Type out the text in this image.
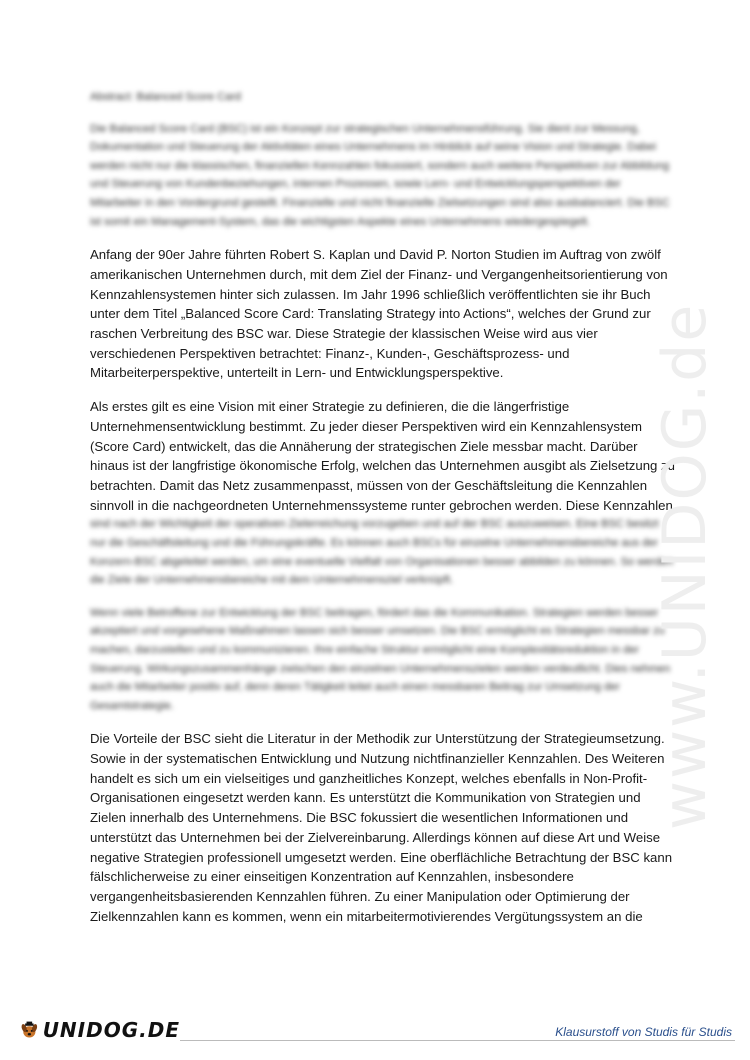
Abstract: Balanced Score Card

Die Balanced Score Card (BSC) ist ein Konzept zur strategischen Unternehmensführung. Sie dient zur Messung, Dokumentation und Steuerung der Aktivitäten eines Unternehmens im Hinblick auf seine Vision und Strategie. Dabei werden nicht nur die klassischen, finanziellen Kennzahlen fokussiert, sondern auch weitere Perspektiven zur Abbildung und Steuerung von Kundenbeziehungen, internen Prozessen, sowie Lern- und Entwicklungsperspektiven der Mitarbeiter in den Vordergrund gestellt. Finanzielle und nicht finanzielle Zielsetzungen sind also ausbalanciert. Die BSC ist somit ein Management-System, das die wichtigsten Aspekte eines Unternehmens wiedergespiegelt.

Anfang der 90er Jahre führten Robert S. Kaplan und David P. Norton Studien im Auftrag von zwölf amerikanischen Unternehmen durch, mit dem Ziel der Finanz- und Vergangenheitsorientierung von Kennzahlensystemen hinter sich zulassen. Im Jahr 1996 schließlich veröffentlichten sie ihr Buch unter dem Titel „Balanced Score Card: Translating Strategy into Actions“, welches der Grund zur raschen Verbreitung des BSC war. Diese Strategie der klassischen Weise wird aus vier verschiedenen Perspektiven betrachtet: Finanz-, Kunden-, Geschäftsprozess- und Mitarbeiterperspektive, unterteilt in Lern- und Entwicklungsperspektive.

Als erstes gilt es eine Vision mit einer Strategie zu definieren, die die längerfristige Unternehmensentwicklung bestimmt. Zu jeder dieser Perspektiven wird ein Kennzahlensystem (Score Card) entwickelt, das die Annäherung der strategischen Ziele messbar macht. Darüber hinaus ist der langfristige ökonomische Erfolg, welchen das Unternehmen ausgibt als Zielsetzung zu betrachten. Damit das Netz zusammenpasst, müssen von der Geschäftsleitung die Kennzahlen sinnvoll in die nachgeordneten Unternehmenssysteme runter gebrochen werden. Diese Kennzahlen

sind nach der Wichtigkeit der operativen Zielerreichung vorzugeben und auf der BSC auszuweisen. Eine BSC besitzt nur die Geschäftsleitung und die Führungskräfte. Es können auch BSCs für einzelne Unternehmensbereiche aus der Konzern-BSC abgeleitet werden, um eine eventuelle Vielfalt von Organisationen besser abbilden zu können. So werden die Ziele der Unternehmensbereiche mit dem Unternehmensziel verknüpft.

Wenn viele Betroffene zur Entwicklung der BSC beitragen, fördert das die Kommunikation. Strategien werden besser akzeptiert und vorgesehene Maßnahmen lassen sich besser umsetzen. Die BSC ermöglicht es Strategien messbar zu machen, darzustellen und zu kommunizieren. Ihre einfache Struktur ermöglicht eine Komplexitätsreduktion in der Steuerung. Wirkungszusammenhänge zwischen den einzelnen Unternehmenszielen werden verdeutlicht. Dies nehmen auch die Mitarbeiter positiv auf, denn deren Tätigkeit leitet auch einen messbaren Beitrag zur Umsetzung der Gesamtstrategie.

Die Vorteile der BSC sieht die Literatur in der Methodik zur Unterstützung der Strategieumsetzung. Sowie in der systematischen Entwicklung und Nutzung nichtfinanzieller Kennzahlen. Des Weiteren handelt es sich um ein vielseitiges und ganzheitliches Konzept, welches ebenfalls in Non-Profit-Organisationen eingesetzt werden kann. Es unterstützt die Kommunikation von Strategien und Zielen innerhalb des Unternehmens. Die BSC fokussiert die wesentlichen Informationen und unterstützt das Unternehmen bei der Zielvereinbarung. Allerdings können auf diese Art und Weise negative Strategien professionell umgesetzt werden. Eine oberflächliche Betrachtung der BSC kann fälschlicherweise zu einer einseitigen Konzentration auf Kennzahlen, insbesondere vergangenheitsbasierenden Kennzahlen führen. Zu einer Manipulation oder Optimierung der Zielkennzahlen kann es kommen, wenn ein mitarbeitermotivierendes Vergütungssystem an die

www.UNIDOG.de
UNIDOG.DE	Klausurstoff von Studis für Studis
